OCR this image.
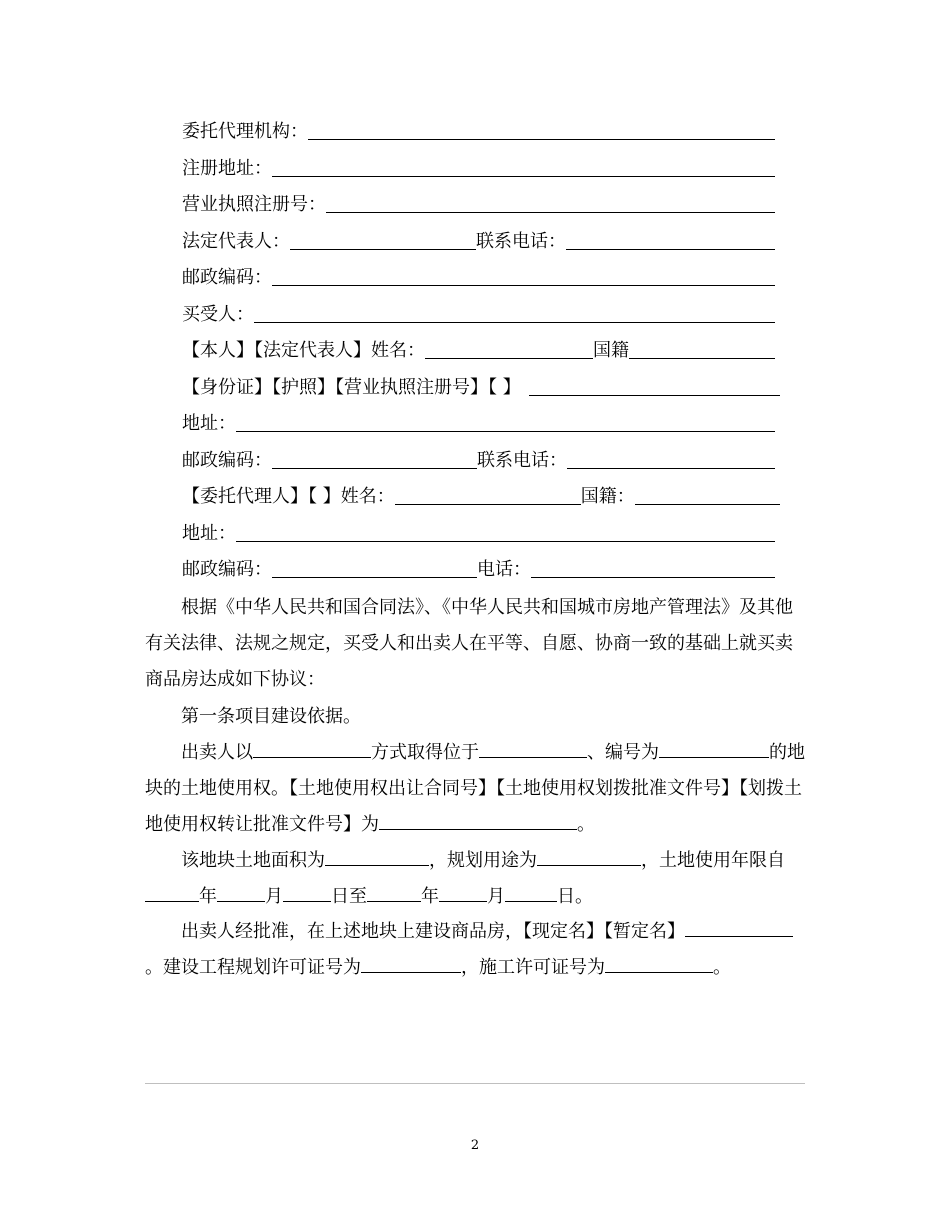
委托代理机构：
注册地址：
营业执照注册号：
法定代表人：	联系电话：
邮政编码：
买受人：
【本人】【法定代表人】姓名：	国籍
【身份证】【护照】【营业执照注册号】【 】
地址：
邮政编码：	联系电话：
【委托代理人】【 】姓名：	国籍：
地址：
邮政编码：	电话：
根据《中华人民共和国合同法》、《中华人民共和国城市房地产管理法》及其他有关法律、法规之规定，买受人和出卖人在平等、自愿、协商一致的基础上就买卖商品房达成如下协议：
第一条项目建设依据。
出卖人以	方式取得位于	、编号为	的地块的土地使用权。【土地使用权出让合同号】【土地使用权划拨批准文件号】【划拨土地使用权转让批准文件号】为	。
该地块土地面积为	，规划用途为	，土地使用年限自年	月	日至	年	月	日。
出卖人经批准，在上述地块上建设商品房，【现定名】【暂定名】。建设工程规划许可证号为	，施工许可证号为	。
2
